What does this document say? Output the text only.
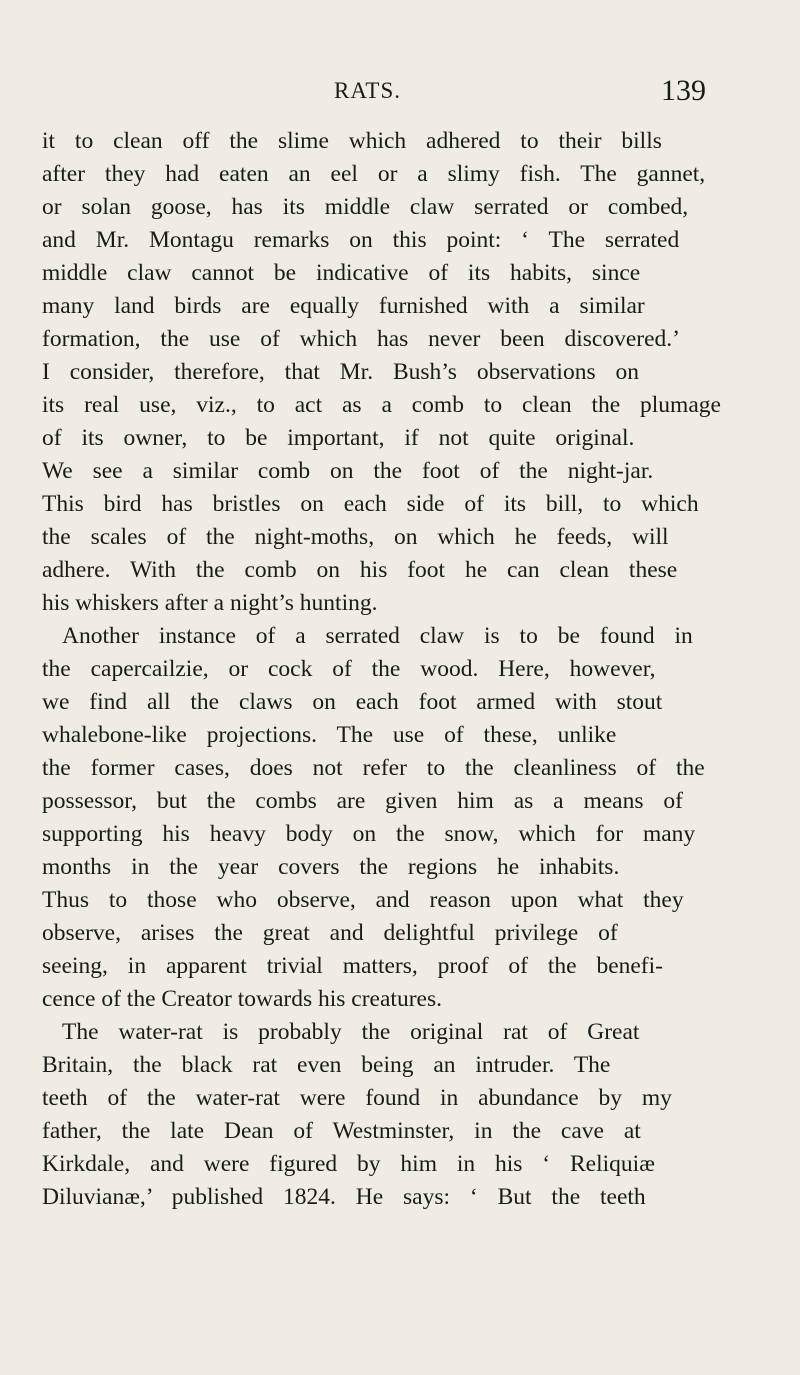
RATS.	139
it to clean off the slime which adhered to their bills
after they had eaten an eel or a slimy fish. The gannet,
or solan goose, has its middle claw serrated or combed,
and Mr. Montagu remarks on this point: ‘ The serrated
middle claw cannot be indicative of its habits, since
many land birds are equally furnished with a similar
formation, the use of which has never been discovered.’
I consider, therefore, that Mr. Bush’s observations on
its real use, viz., to act as a comb to clean the plumage
of its owner, to be important, if not quite original.
We see a similar comb on the foot of the night-jar.
This bird has bristles on each side of its bill, to which
the scales of the night-moths, on which he feeds, will
adhere. With the comb on his foot he can clean these
his whiskers after a night’s hunting.
Another instance of a serrated claw is to be found in
the capercailzie, or cock of the wood. Here, however,
we find all the claws on each foot armed with stout
whalebone-like projections. The use of these, unlike
the former cases, does not refer to the cleanliness of the
possessor, but the combs are given him as a means of
supporting his heavy body on the snow, which for many
months in the year covers the regions he inhabits.
Thus to those who observe, and reason upon what they
observe, arises the great and delightful privilege of
seeing, in apparent trivial matters, proof of the benefi-
cence of the Creator towards his creatures.
The water-rat is probably the original rat of Great
Britain, the black rat even being an intruder. The
teeth of the water-rat were found in abundance by my
father, the late Dean of Westminster, in the cave at
Kirkdale, and were figured by him in his ‘ Reliquiæ
Diluvianæ,’ published 1824. He says: ‘ But the teeth
